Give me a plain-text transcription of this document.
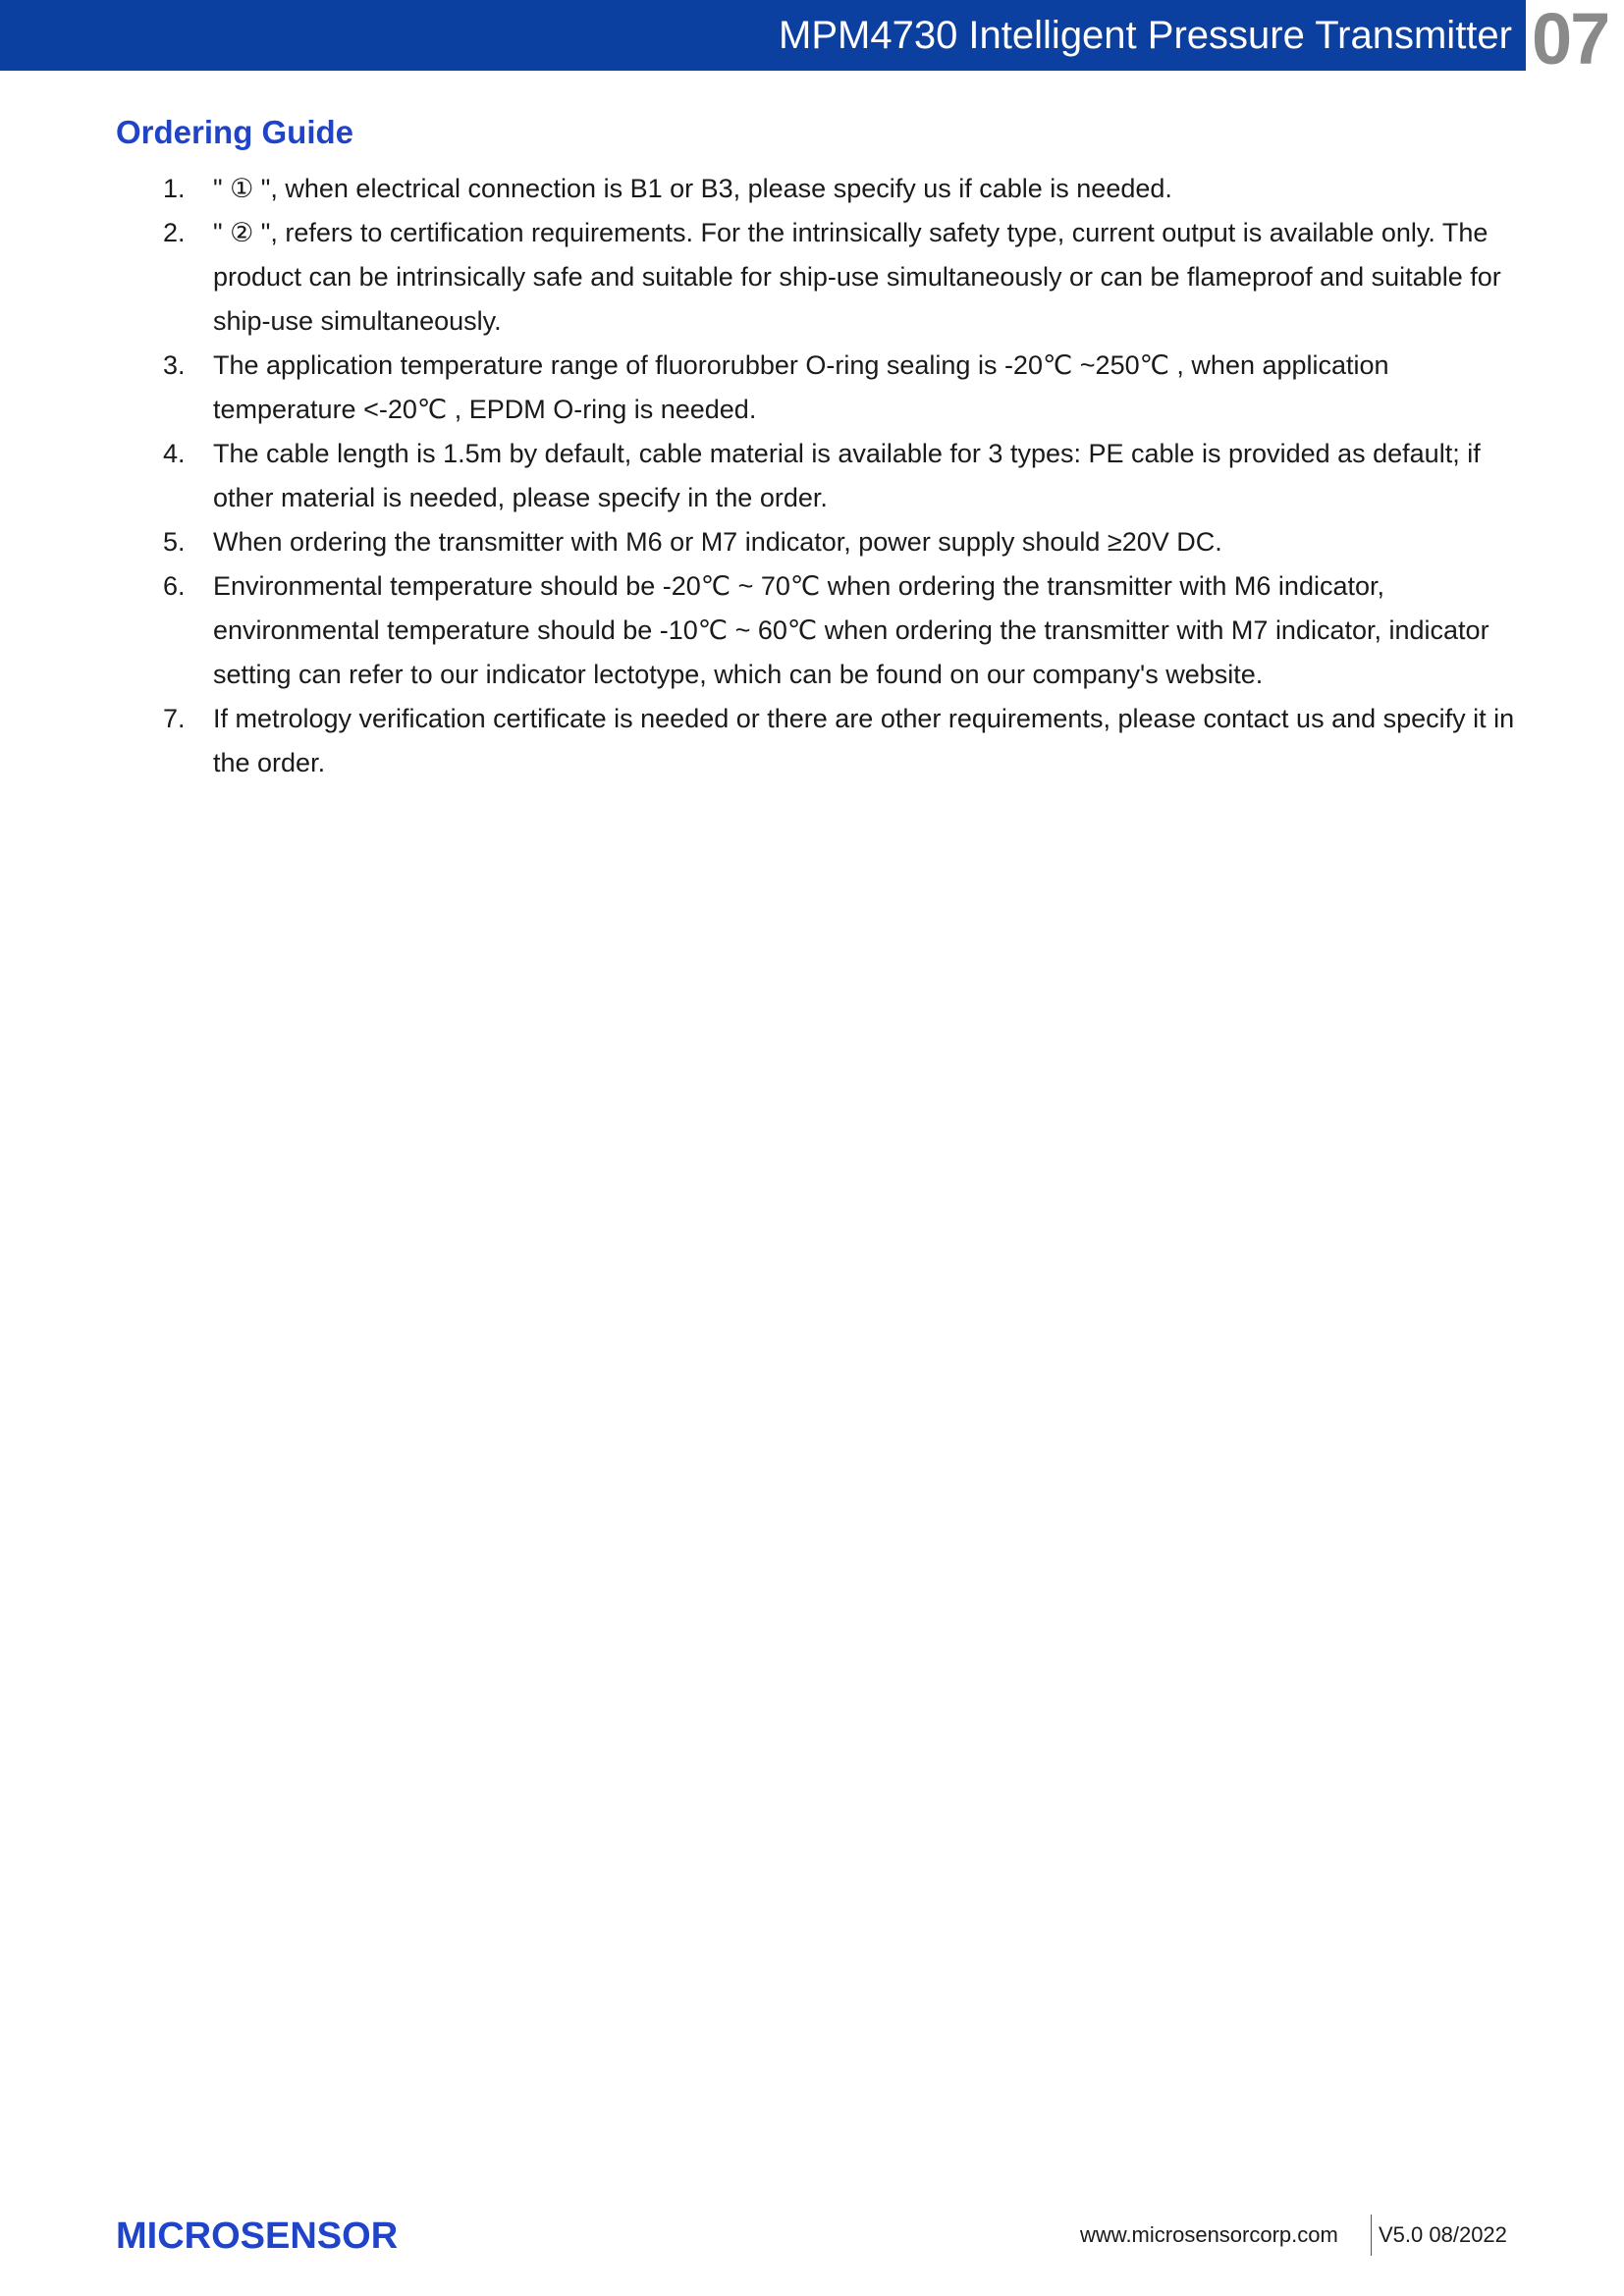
MPM4730 Intelligent Pressure Transmitter 07
Ordering Guide
1. " ① ", when electrical connection is B1 or B3, please specify us if cable is needed.
2. " ② ", refers to certification requirements. For the intrinsically safety type, current output is available only. The product can be intrinsically safe and suitable for ship-use simultaneously or can be flameproof and suitable for ship-use simultaneously.
3. The application temperature range of fluororubber O-ring sealing is -20℃ ~250℃ , when application temperature <-20℃ , EPDM O-ring is needed.
4. The cable length is 1.5m by default, cable material is available for 3 types: PE cable is provided as default; if other material is needed, please specify in the order.
5. When ordering the transmitter with M6 or M7 indicator, power supply should ≥20V DC.
6. Environmental temperature should be -20℃ ~ 70℃ when ordering the transmitter with M6 indicator, environmental temperature should be -10℃ ~ 60℃ when ordering the transmitter with M7 indicator, indicator setting can refer to our indicator lectotype, which can be found on our company's website.
7. If metrology verification certificate is needed or there are other requirements, please contact us and specify it in the order.
MICROSENSOR	www.microsensorcorp.com V5.0 08/2022
